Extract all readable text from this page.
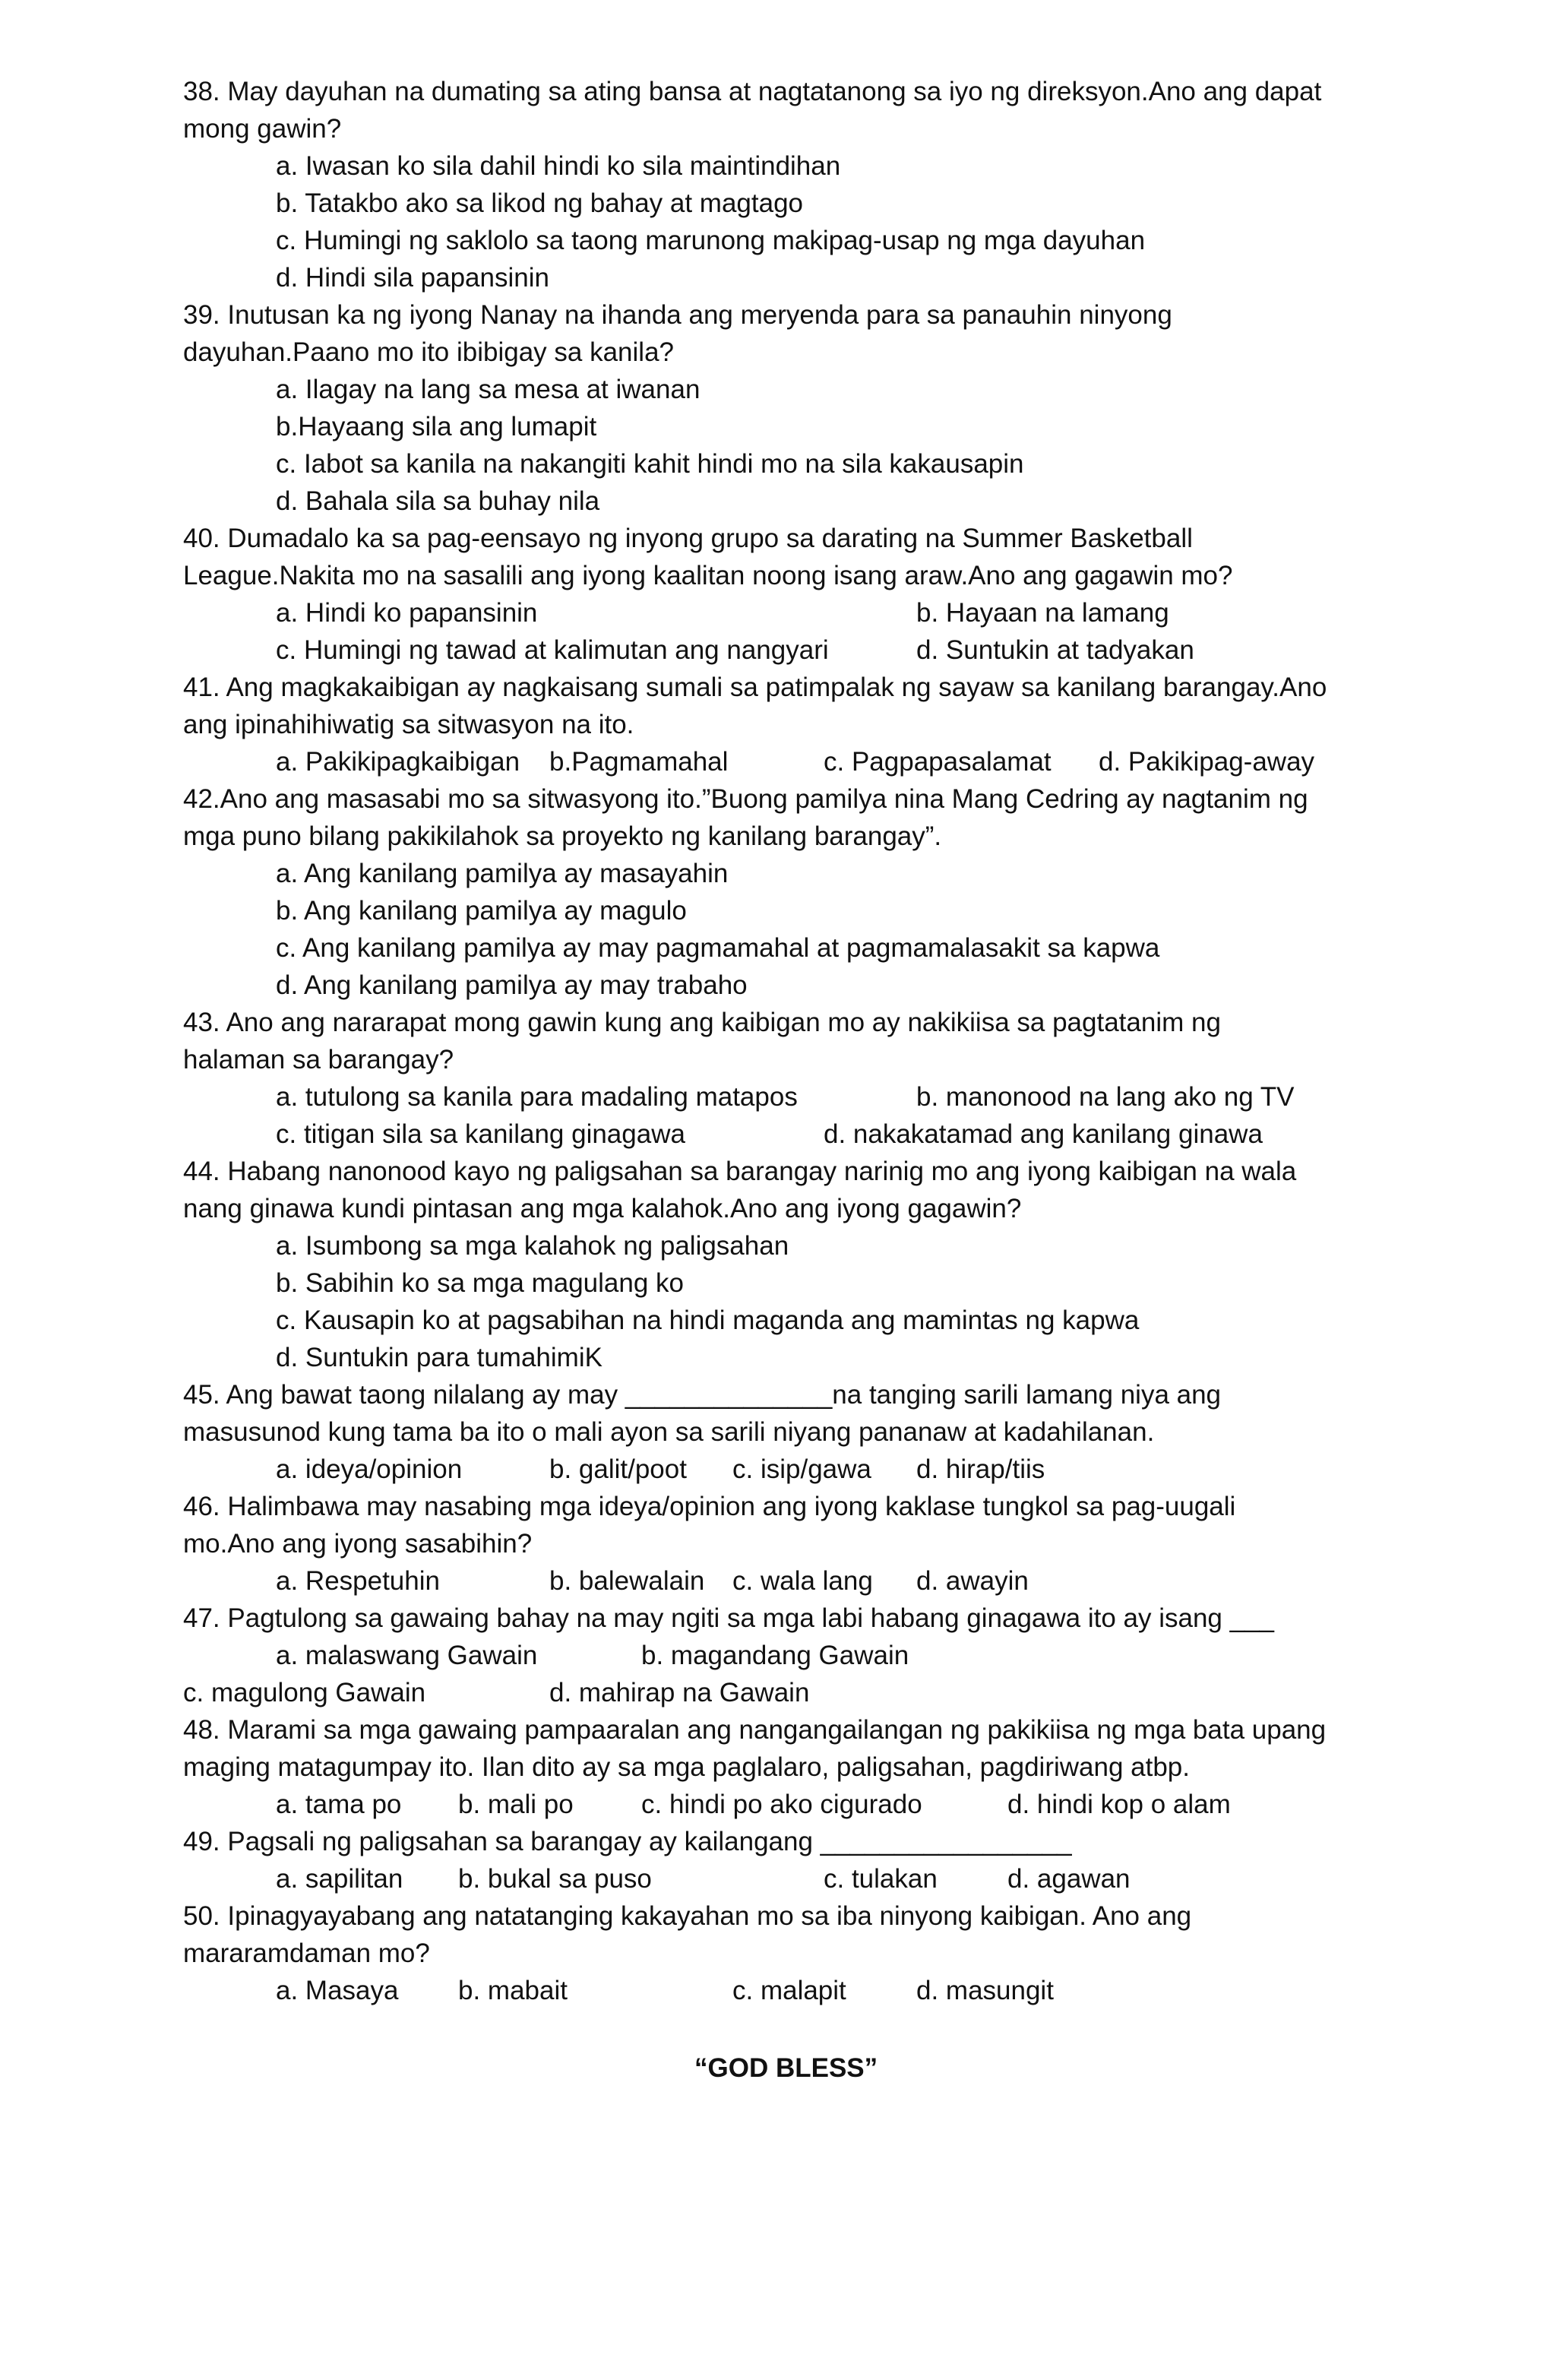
38. May dayuhan na dumating sa ating bansa at nagtatanong sa iyo ng direksyon.Ano ang dapat
mong gawin?
a. Iwasan ko sila dahil hindi ko sila maintindihan
b. Tatakbo ako sa likod ng bahay at magtago
c. Humingi ng saklolo sa taong marunong makipag-usap ng mga dayuhan
d. Hindi sila papansinin
39. Inutusan ka ng iyong Nanay na ihanda ang meryenda para sa panauhin ninyong
dayuhan.Paano mo ito ibibigay sa kanila?
a. Ilagay na lang sa mesa at iwanan
b.Hayaang sila ang lumapit
c. Iabot sa kanila na nakangiti kahit hindi mo na sila kakausapin
d. Bahala sila sa buhay nila
40. Dumadalo ka sa pag-eensayo ng inyong grupo sa darating na Summer Basketball
League.Nakita mo na sasalili ang iyong kaalitan noong isang araw.Ano ang gagawin mo?
a. Hindi ko papansinin	b. Hayaan na lamang
c. Humingi ng tawad at kalimutan ang nangyari	d. Suntukin at tadyakan
41. Ang magkakaibigan ay nagkaisang sumali sa patimpalak ng sayaw sa kanilang barangay.Ano
ang ipinahihiwatig sa sitwasyon na ito.
a. Pakikipagkaibigan b.Pagmamahal	c. Pagpapasalamat d. Pakikipag-away
42.Ano ang masasabi mo sa sitwasyong ito.”Buong pamilya nina Mang Cedring ay nagtanim ng
mga puno bilang pakikilahok sa proyekto ng kanilang barangay”.
a. Ang kanilang pamilya ay masayahin
b. Ang kanilang pamilya ay magulo
c. Ang kanilang pamilya ay may pagmamahal at pagmamalasakit sa kapwa
d. Ang kanilang pamilya ay may trabaho
43. Ano ang nararapat mong gawin kung ang kaibigan mo ay nakikiisa sa pagtatanim ng
halaman sa barangay?
a. tutulong sa kanila para madaling matapos	b. manonood na lang ako ng TV
c. titigan sila sa kanilang ginagawa	d. nakakatamad ang kanilang ginawa
44. Habang nanonood kayo ng paligsahan sa barangay narinig mo ang iyong kaibigan na wala
nang ginawa kundi pintasan ang mga kalahok.Ano ang iyong gagawin?
a. Isumbong sa mga kalahok ng paligsahan
b. Sabihin ko sa mga magulang ko
c. Kausapin ko at pagsabihan na hindi maganda ang mamintas ng kapwa
d. Suntukin para tumahimiK
45. Ang bawat taong nilalang ay may ______________na tanging sarili lamang niya ang
masusunod kung tama ba ito o mali ayon sa sarili niyang pananaw at kadahilanan.
a. ideya/opinion	b. galit/poot c. isip/gawa d. hirap/tiis
46. Halimbawa may nasabing mga ideya/opinion ang iyong kaklase tungkol sa pag-uugali
mo.Ano ang iyong sasabihin?
a. Respetuhin	b. balewalain c. wala lang d. awayin
47. Pagtulong sa gawaing bahay na may ngiti sa mga labi habang ginagawa ito ay isang ___
a. malaswang Gawain	b. magandang Gawain
c. magulong Gawain	d. mahirap na Gawain
48. Marami sa mga gawaing pampaaralan ang nangangailangan ng pakikiisa ng mga bata upang
maging matagumpay ito. Ilan dito ay sa mga paglalaro, paligsahan, pagdiriwang atbp.
a. tama po b. mali po	c. hindi po ako cigurado	d. hindi kop o alam
49. Pagsali ng paligsahan sa barangay ay kailangang _________________
a. sapilitan b. bukal sa puso	c. tulakan	d. agawan
50. Ipinagyayabang ang natatanging kakayahan mo sa iba ninyong kaibigan. Ano ang
mararamdaman mo?
a. Masaya b. mabait	c. malapit	d. masungit
“GOD BLESS”
